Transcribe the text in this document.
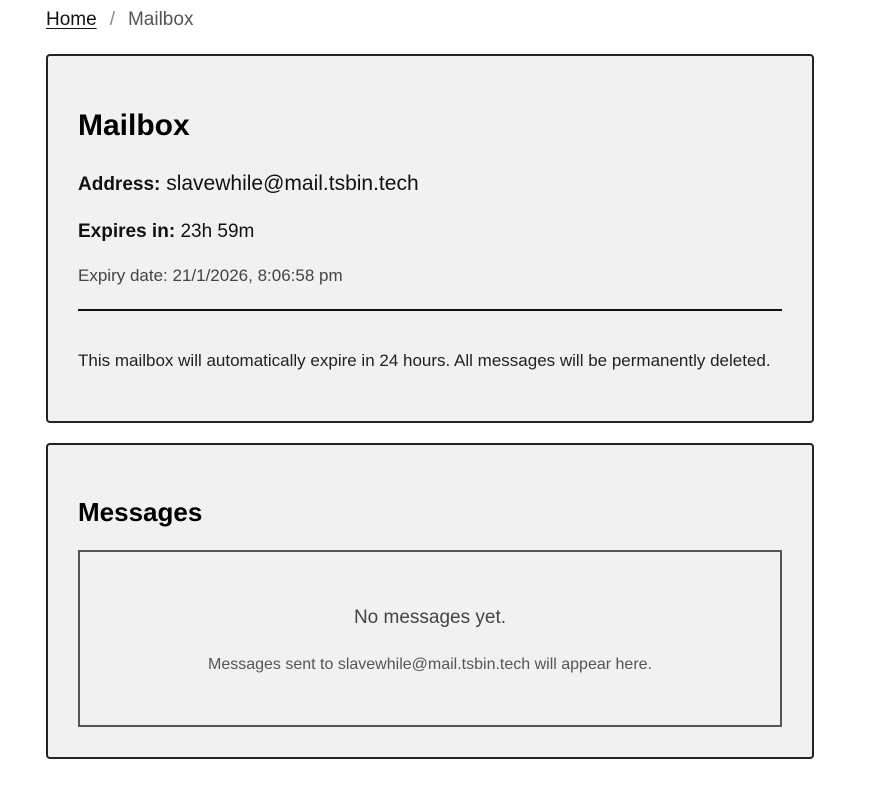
Home / Mailbox
Mailbox
Address: slavewhile@mail.tsbin.tech
Expires in: 23h 59m
Expiry date: 21/1/2026, 8:06:58 pm

This mailbox will automatically expire in 24 hours. All messages will be permanently deleted.

Messages
No messages yet.
Messages sent to slavewhile@mail.tsbin.tech will appear here.
